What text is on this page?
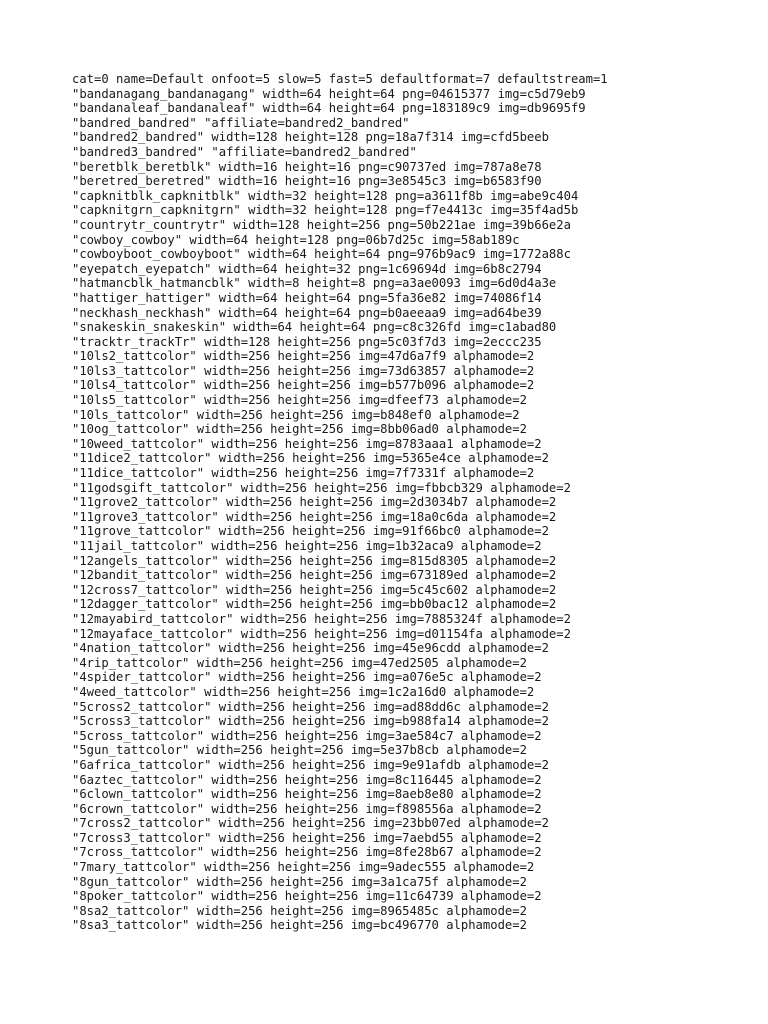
cat=0 name=Default onfoot=5 slow=5 fast=5 defaultformat=7 defaultstream=1
"bandanagang_bandanagang" width=64 height=64 png=04615377 img=c5d79eb9
"bandanaleaf_bandanaleaf" width=64 height=64 png=183189c9 img=db9695f9
"bandred_bandred" "affiliate=bandred2_bandred"
"bandred2_bandred" width=128 height=128 png=18a7f314 img=cfd5beeb
"bandred3_bandred" "affiliate=bandred2_bandred"
"beretblk_beretblk" width=16 height=16 png=c90737ed img=787a8e78
"beretred_beretred" width=16 height=16 png=3e8545c3 img=b6583f90
"capknitblk_capknitblk" width=32 height=128 png=a3611f8b img=abe9c404
"capknitgrn_capknitgrn" width=32 height=128 png=f7e4413c img=35f4ad5b
"countrytr_countrytr" width=128 height=256 png=50b221ae img=39b66e2a
"cowboy_cowboy" width=64 height=128 png=06b7d25c img=58ab189c
"cowboyboot_cowboyboot" width=64 height=64 png=976b9ac9 img=1772a88c
"eyepatch_eyepatch" width=64 height=32 png=1c69694d img=6b8c2794
"hatmancblk_hatmancblk" width=8 height=8 png=a3ae0093 img=6d0d4a3e
"hattiger_hattiger" width=64 height=64 png=5fa36e82 img=74086f14
"neckhash_neckhash" width=64 height=64 png=b0aeeaa9 img=ad64be39
"snakeskin_snakeskin" width=64 height=64 png=c8c326fd img=c1abad80
"tracktr_trackTr" width=128 height=256 png=5c03f7d3 img=2eccc235
"10ls2_tattcolor" width=256 height=256 img=47d6a7f9 alphamode=2
"10ls3_tattcolor" width=256 height=256 img=73d63857 alphamode=2
"10ls4_tattcolor" width=256 height=256 img=b577b096 alphamode=2
"10ls5_tattcolor" width=256 height=256 img=dfeef73 alphamode=2
"10ls_tattcolor" width=256 height=256 img=b848ef0 alphamode=2
"10og_tattcolor" width=256 height=256 img=8bb06ad0 alphamode=2
"10weed_tattcolor" width=256 height=256 img=8783aaa1 alphamode=2
"11dice2_tattcolor" width=256 height=256 img=5365e4ce alphamode=2
"11dice_tattcolor" width=256 height=256 img=7f7331f alphamode=2
"11godsgift_tattcolor" width=256 height=256 img=fbbcb329 alphamode=2
"11grove2_tattcolor" width=256 height=256 img=2d3034b7 alphamode=2
"11grove3_tattcolor" width=256 height=256 img=18a0c6da alphamode=2
"11grove_tattcolor" width=256 height=256 img=91f66bc0 alphamode=2
"11jail_tattcolor" width=256 height=256 img=1b32aca9 alphamode=2
"12angels_tattcolor" width=256 height=256 img=815d8305 alphamode=2
"12bandit_tattcolor" width=256 height=256 img=673189ed alphamode=2
"12cross7_tattcolor" width=256 height=256 img=5c45c602 alphamode=2
"12dagger_tattcolor" width=256 height=256 img=bb0bac12 alphamode=2
"12mayabird_tattcolor" width=256 height=256 img=7885324f alphamode=2
"12mayaface_tattcolor" width=256 height=256 img=d01154fa alphamode=2
"4nation_tattcolor" width=256 height=256 img=45e96cdd alphamode=2
"4rip_tattcolor" width=256 height=256 img=47ed2505 alphamode=2
"4spider_tattcolor" width=256 height=256 img=a076e5c alphamode=2
"4weed_tattcolor" width=256 height=256 img=1c2a16d0 alphamode=2
"5cross2_tattcolor" width=256 height=256 img=ad88dd6c alphamode=2
"5cross3_tattcolor" width=256 height=256 img=b988fa14 alphamode=2
"5cross_tattcolor" width=256 height=256 img=3ae584c7 alphamode=2
"5gun_tattcolor" width=256 height=256 img=5e37b8cb alphamode=2
"6africa_tattcolor" width=256 height=256 img=9e91afdb alphamode=2
"6aztec_tattcolor" width=256 height=256 img=8c116445 alphamode=2
"6clown_tattcolor" width=256 height=256 img=8aeb8e80 alphamode=2
"6crown_tattcolor" width=256 height=256 img=f898556a alphamode=2
"7cross2_tattcolor" width=256 height=256 img=23bb07ed alphamode=2
"7cross3_tattcolor" width=256 height=256 img=7aebd55 alphamode=2
"7cross_tattcolor" width=256 height=256 img=8fe28b67 alphamode=2
"7mary_tattcolor" width=256 height=256 img=9adec555 alphamode=2
"8gun_tattcolor" width=256 height=256 img=3a1ca75f alphamode=2
"8poker_tattcolor" width=256 height=256 img=11c64739 alphamode=2
"8sa2_tattcolor" width=256 height=256 img=8965485c alphamode=2
"8sa3_tattcolor" width=256 height=256 img=bc496770 alphamode=2
